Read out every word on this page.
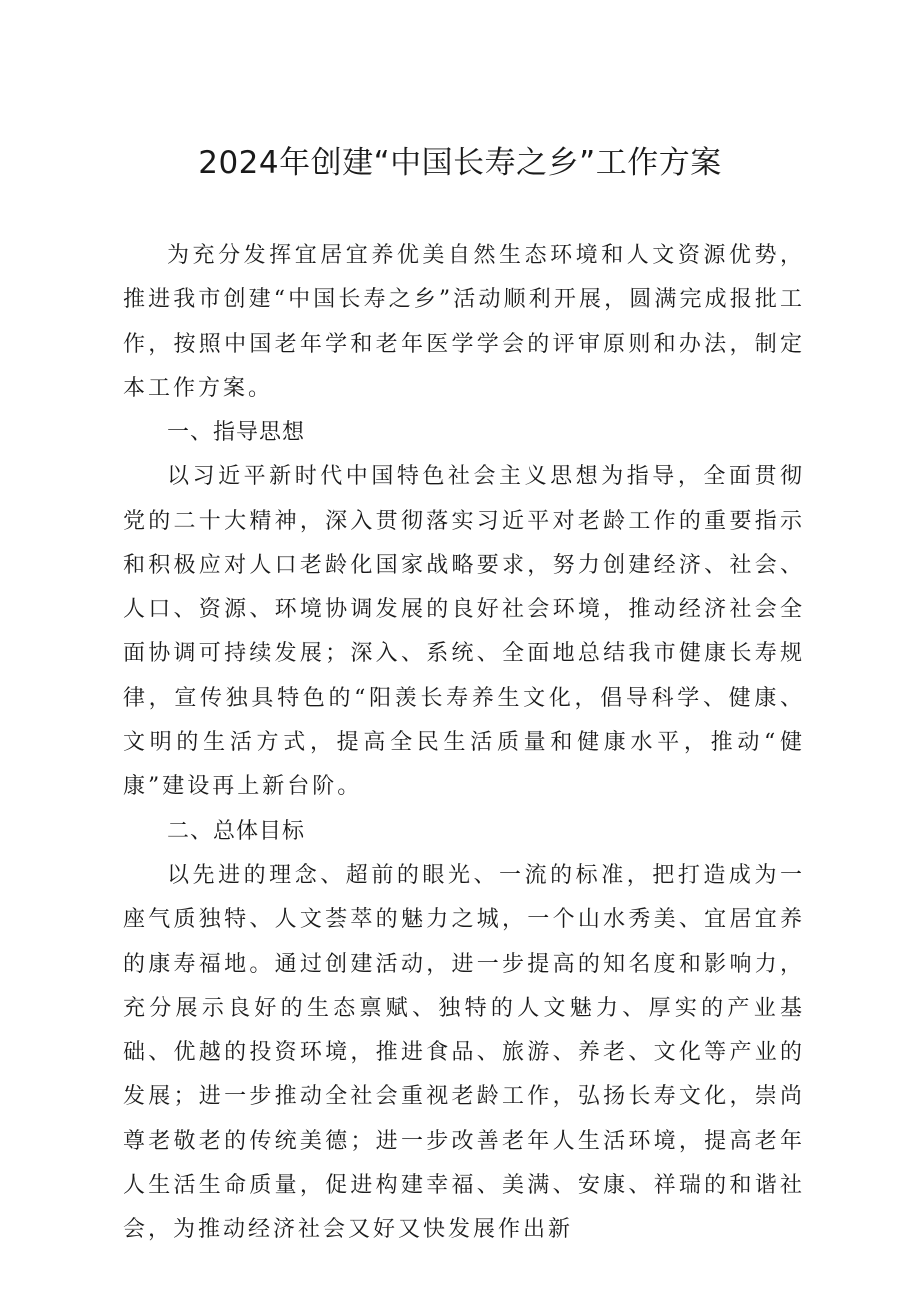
2024年创建“中国长寿之乡”工作方案

为充分发挥宜居宜养优美自然生态环境和人文资源优势，推进我市创建“中国长寿之乡”活动顺利开展，圆满完成报批工作，按照中国老年学和老年医学学会的评审原则和办法，制定本工作方案。

一、指导思想

以习近平新时代中国特色社会主义思想为指导，全面贯彻党的二十大精神，深入贯彻落实习近平对老龄工作的重要指示和积极应对人口老龄化国家战略要求，努力创建经济、社会、人口、资源、环境协调发展的良好社会环境，推动经济社会全面协调可持续发展；深入、系统、全面地总结我市健康长寿规律，宣传独具特色的“阳羡长寿养生文化，倡导科学、健康、文明的生活方式，提高全民生活质量和健康水平，推动“健康”建设再上新台阶。

二、总体目标

以先进的理念、超前的眼光、一流的标准，把打造成为一座气质独特、人文荟萃的魅力之城，一个山水秀美、宜居宜养的康寿福地。通过创建活动，进一步提高的知名度和影响力，充分展示良好的生态禀赋、独特的人文魅力、厚实的产业基础、优越的投资环境，推进食品、旅游、养老、文化等产业的发展；进一步推动全社会重视老龄工作，弘扬长寿文化，崇尚尊老敬老的传统美德；进一步改善老年人生活环境，提高老年人生活生命质量，促进构建幸福、美满、安康、祥瑞的和谐社会，为推动经济社会又好又快发展作出新
